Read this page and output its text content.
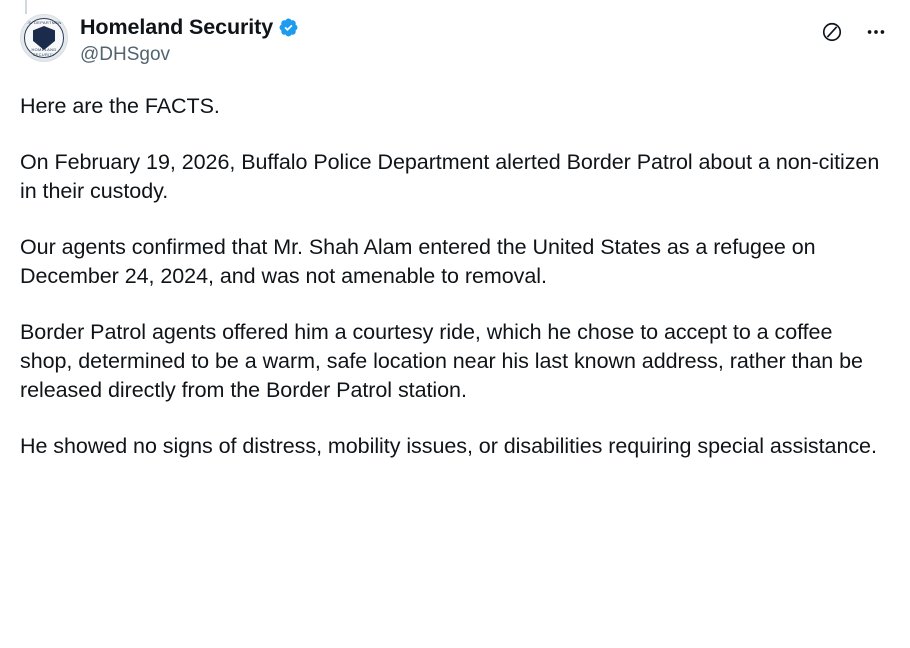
U.S. DEPARTMENT
HOMELAND SECURITY
Homeland Security
@DHSgov

Here are the FACTS.

On February 19, 2026, Buffalo Police Department alerted Border Patrol about a non-citizen in their custody.

Our agents confirmed that Mr. Shah Alam entered the United States as a refugee on December 24, 2024, and was not amenable to removal.

Border Patrol agents offered him a courtesy ride, which he chose to accept to a coffee shop, determined to be a warm, safe location near his last known address, rather than be released directly from the Border Patrol station.

He showed no signs of distress, mobility issues, or disabilities requiring special assistance.
